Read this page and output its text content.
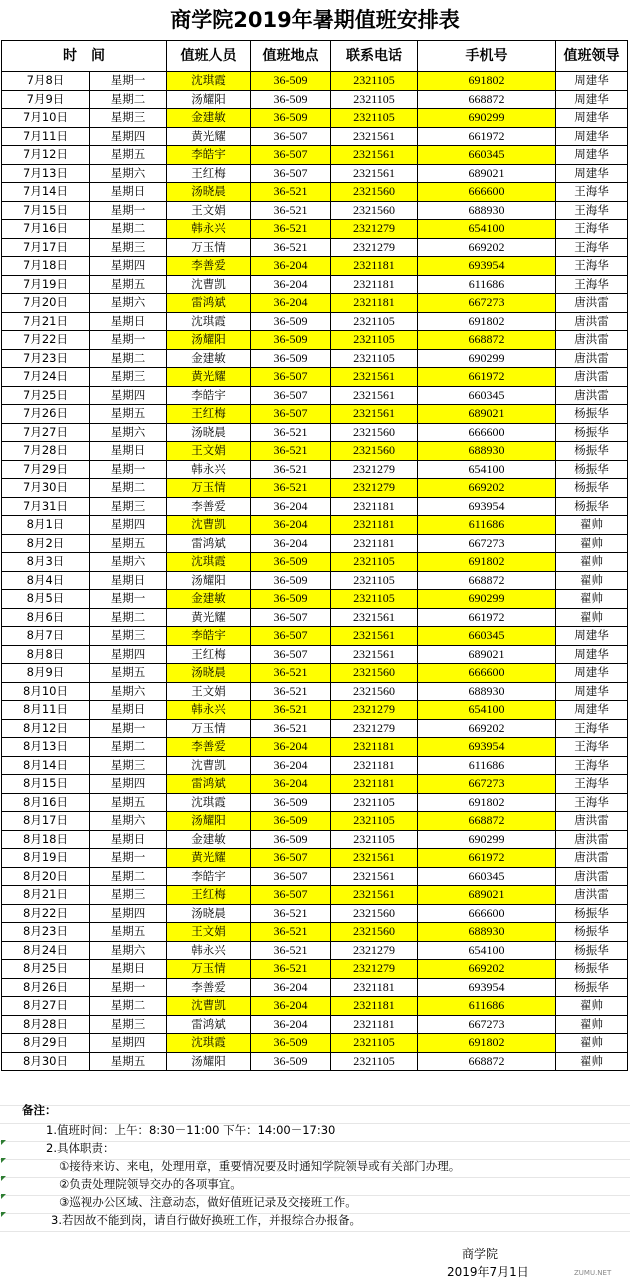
商学院2019年暑期值班安排表
时　间		值班人员	值班地点	联系电话	手机号	值班领导
7月8日	星期一	沈琪霞	36-509	2321105	691802	周建华
7月9日	星期二	汤耀阳	36-509	2321105	668872	周建华
7月10日	星期三	金建敏	36-509	2321105	690299	周建华
7月11日	星期四	黄光耀	36-507	2321561	661972	周建华
7月12日	星期五	李皓宇	36-507	2321561	660345	周建华
7月13日	星期六	王红梅	36-507	2321561	689021	周建华
7月14日	星期日	汤晓晨	36-521	2321560	666600	王海华
7月15日	星期一	王文娟	36-521	2321560	688930	王海华
7月16日	星期二	韩永兴	36-521	2321279	654100	王海华
7月17日	星期三	万玉情	36-521	2321279	669202	王海华
7月18日	星期四	李善爱	36-204	2321181	693954	王海华
7月19日	星期五	沈曹凯	36-204	2321181	611686	王海华
7月20日	星期六	雷鸿斌	36-204	2321181	667273	唐洪雷
7月21日	星期日	沈琪霞	36-509	2321105	691802	唐洪雷
7月22日	星期一	汤耀阳	36-509	2321105	668872	唐洪雷
7月23日	星期二	金建敏	36-509	2321105	690299	唐洪雷
7月24日	星期三	黄光耀	36-507	2321561	661972	唐洪雷
7月25日	星期四	李皓宇	36-507	2321561	660345	唐洪雷
7月26日	星期五	王红梅	36-507	2321561	689021	杨振华
7月27日	星期六	汤晓晨	36-521	2321560	666600	杨振华
7月28日	星期日	王文娟	36-521	2321560	688930	杨振华
7月29日	星期一	韩永兴	36-521	2321279	654100	杨振华
7月30日	星期二	万玉情	36-521	2321279	669202	杨振华
7月31日	星期三	李善爱	36-204	2321181	693954	杨振华
8月1日	星期四	沈曹凯	36-204	2321181	611686	翟帅
8月2日	星期五	雷鸿斌	36-204	2321181	667273	翟帅
8月3日	星期六	沈琪霞	36-509	2321105	691802	翟帅
8月4日	星期日	汤耀阳	36-509	2321105	668872	翟帅
8月5日	星期一	金建敏	36-509	2321105	690299	翟帅
8月6日	星期二	黄光耀	36-507	2321561	661972	翟帅
8月7日	星期三	李皓宇	36-507	2321561	660345	周建华
8月8日	星期四	王红梅	36-507	2321561	689021	周建华
8月9日	星期五	汤晓晨	36-521	2321560	666600	周建华
8月10日	星期六	王文娟	36-521	2321560	688930	周建华
8月11日	星期日	韩永兴	36-521	2321279	654100	周建华
8月12日	星期一	万玉情	36-521	2321279	669202	王海华
8月13日	星期二	李善爱	36-204	2321181	693954	王海华
8月14日	星期三	沈曹凯	36-204	2321181	611686	王海华
8月15日	星期四	雷鸿斌	36-204	2321181	667273	王海华
8月16日	星期五	沈琪霞	36-509	2321105	691802	王海华
8月17日	星期六	汤耀阳	36-509	2321105	668872	唐洪雷
8月18日	星期日	金建敏	36-509	2321105	690299	唐洪雷
8月19日	星期一	黄光耀	36-507	2321561	661972	唐洪雷
8月20日	星期二	李皓宇	36-507	2321561	660345	唐洪雷
8月21日	星期三	王红梅	36-507	2321561	689021	唐洪雷
8月22日	星期四	汤晓晨	36-521	2321560	666600	杨振华
8月23日	星期五	王文娟	36-521	2321560	688930	杨振华
8月24日	星期六	韩永兴	36-521	2321279	654100	杨振华
8月25日	星期日	万玉情	36-521	2321279	669202	杨振华
8月26日	星期一	李善爱	36-204	2321181	693954	杨振华
8月27日	星期二	沈曹凯	36-204	2321181	611686	翟帅
8月28日	星期三	雷鸿斌	36-204	2321181	667273	翟帅
8月29日	星期四	沈琪霞	36-509	2321105	691802	翟帅
8月30日	星期五	汤耀阳	36-509	2321105	668872	翟帅
备注：
1.值班时间：上午：8:30－11:00 下午：14:00－17:30
2.具体职责：
①接待来访、来电，处理用章，重要情况要及时通知学院领导或有关部门办理。
②负责处理院领导交办的各项事宜。
③巡视办公区域、注意动态，做好值班记录及交接班工作。
3.若因故不能到岗，请自行做好换班工作，并报综合办报备。
商学院
2019年7月1日	ZUMU.NET
